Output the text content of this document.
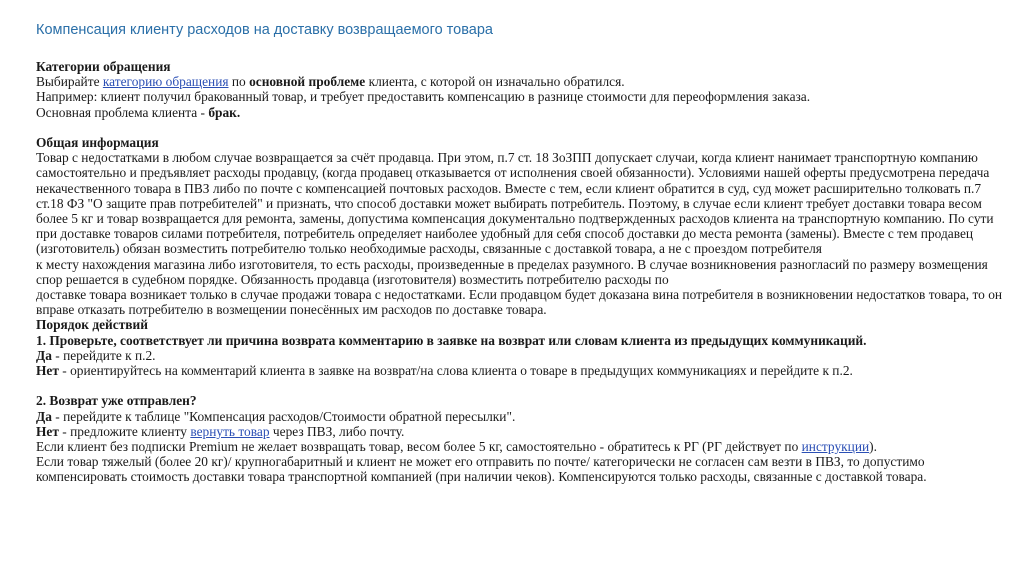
Компенсация клиенту расходов на доставку возвращаемого товара

Категории обращения

Выбирайте категорию обращения по основной проблеме клиента, с которой он изначально обратился.

Например: клиент получил бракованный товар, и требует предоставить компенсацию в разнице стоимости для переоформления заказа.

Основная проблема клиента - брак.

Общая информация

Товар с недостатками в любом случае возвращается за счёт продавца. При этом, п.7 ст. 18 ЗоЗПП допускает случаи, когда клиент нанимает транспортную компанию самостоятельно и предъявляет расходы продавцу, (когда продавец отказывается от исполнения своей обязанности). Условиями нашей оферты предусмотрена передача некачественного товара в ПВЗ либо по почте с компенсацией почтовых расходов. Вместе с тем, если клиент обратится в суд, суд может расширительно толковать п.7 ст.18 ФЗ "О защите прав потребителей" и признать, что способ доставки может выбирать потребитель. Поэтому, в случае если клиент требует доставки товара весом более 5 кг и товар возвращается для ремонта, замены, допустима компенсация документально подтвержденных расходов клиента на транспортную компанию. По сути при доставке товаров силами потребителя, потребитель определяет наиболее удобный для себя способ доставки до места ремонта (замены). Вместе с тем продавец (изготовитель) обязан возместить потребителю только необходимые расходы, связанные с доставкой товара, а не с проездом потребителя

к месту нахождения магазина либо изготовителя, то есть расходы, произведенные в пределах разумного. В случае возникновения разногласий по размеру возмещения спор решается в судебном порядке. Обязанность продавца (изготовителя) возместить потребителю расходы по

доставке товара возникает только в случае продажи товара с недостатками. Если продавцом будет доказана вина потребителя в возникновении недостатков товара, то он вправе отказать потребителю в возмещении понесённых им расходов по доставке товара.

Порядок действий

1. Проверьте, соответствует ли причина возврата комментарию в заявке на возврат или словам клиента из предыдущих коммуникаций.

Да - перейдите к п.2.

Нет - ориентируйтесь на комментарий клиента в заявке на возврат/на слова клиента о товаре в предыдущих коммуникациях и перейдите к п.2.

2. Возврат уже отправлен?

Да - перейдите к таблице "Компенсация расходов/Стоимости обратной пересылки".

Нет - предложите клиенту вернуть товар через ПВЗ, либо почту.

Если клиент без подписки Premium не желает возвращать товар, весом более 5 кг, самостоятельно - обратитесь к РГ (РГ действует по инструкции).

Если товар тяжелый (более 20 кг)/ крупногабаритный и клиент не может его отправить по почте/ категорически не согласен сам везти в ПВЗ, то допустимо компенсировать стоимость доставки товара транспортной компанией (при наличии чеков). Компенсируются только расходы, связанные с доставкой товара.
